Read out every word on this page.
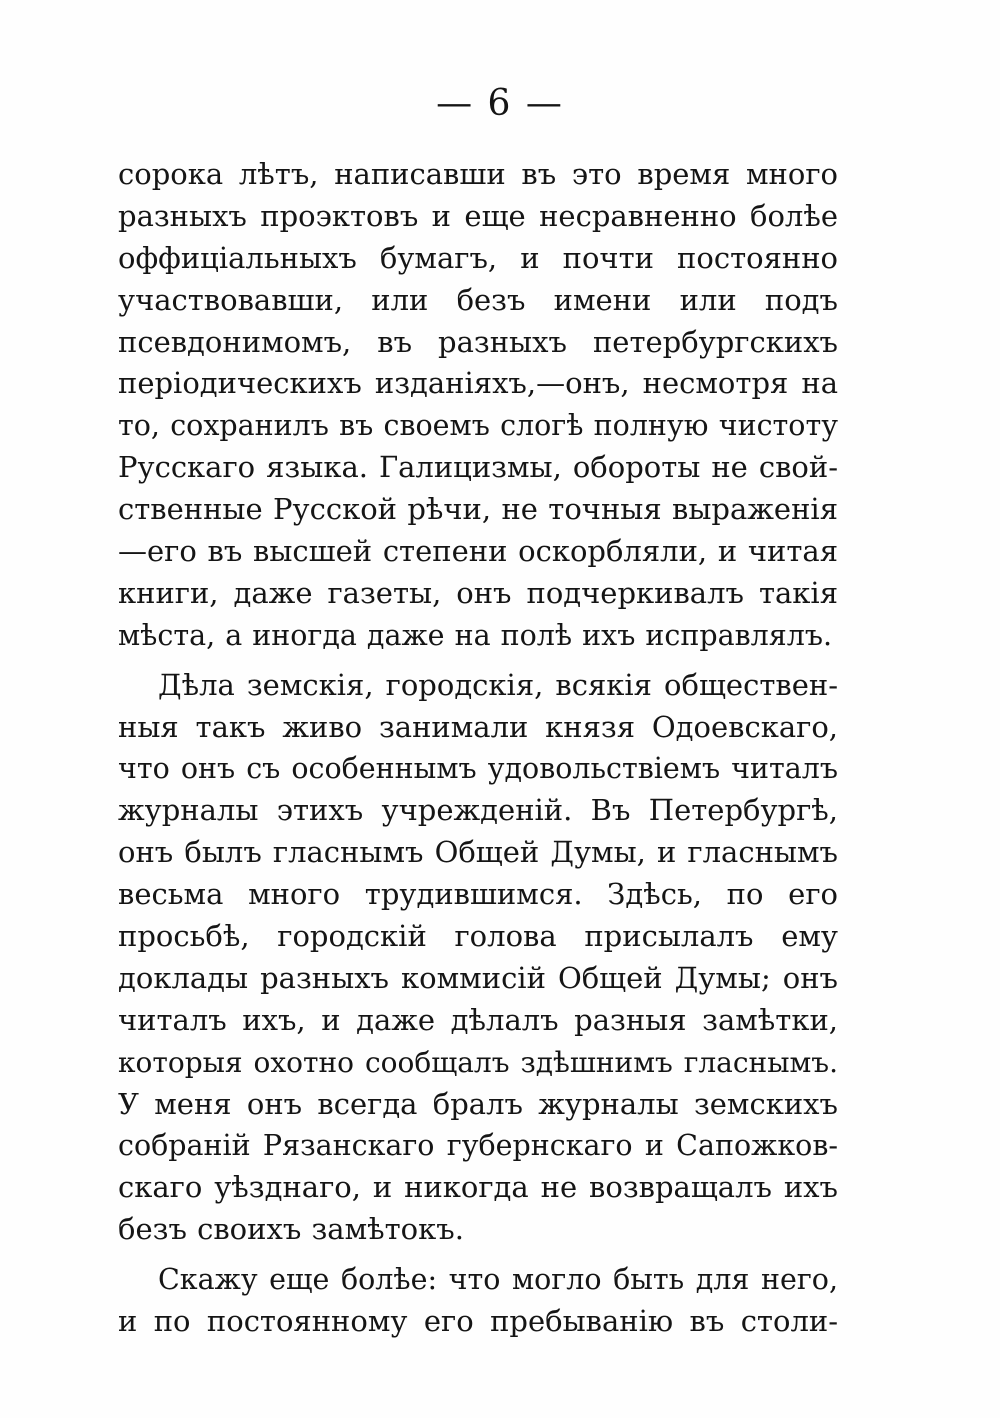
— 6 —
сорока лѣтъ, написавши въ это время много
разныхъ проэктовъ и еще несравненно болѣе
оффиціальныхъ бумагъ, и почти постоянно
участвовавши, или безъ имени или подъ
псевдонимомъ, въ разныхъ петербургскихъ
періодическихъ изданіяхъ,—онъ, несмотря на
то, сохранилъ въ своемъ слогѣ полную чистоту
Русскаго языка. Галицизмы, обороты не свой-
ственные Русской рѣчи, не точныя выраженія
—его въ высшей степени оскорбляли, и читая
книги, даже газеты, онъ подчеркивалъ такія
мѣста, а иногда даже на полѣ ихъ исправлялъ.
Дѣла земскія, городскія, всякія обществен-
ныя такъ живо занимали князя Одоевскаго,
что онъ съ особеннымъ удовольствіемъ читалъ
журналы этихъ учрежденій. Въ Петербургѣ,
онъ былъ гласнымъ Общей Думы, и гласнымъ
весьма много трудившимся. Здѣсь, по его
просьбѣ, городскій голова присылалъ ему
доклады разныхъ коммисій Общей Думы; онъ
читалъ ихъ, и даже дѣлалъ разныя замѣтки,
которыя охотно сообщалъ здѣшнимъ гласнымъ.
У меня онъ всегда бралъ журналы земскихъ
собраній Рязанскаго губернскаго и Сапожков-
скаго уѣзднаго, и никогда не возвращалъ ихъ
безъ своихъ замѣтокъ.
Скажу еще болѣе: что могло быть для него,
и по постоянному его пребыванію въ столи-
